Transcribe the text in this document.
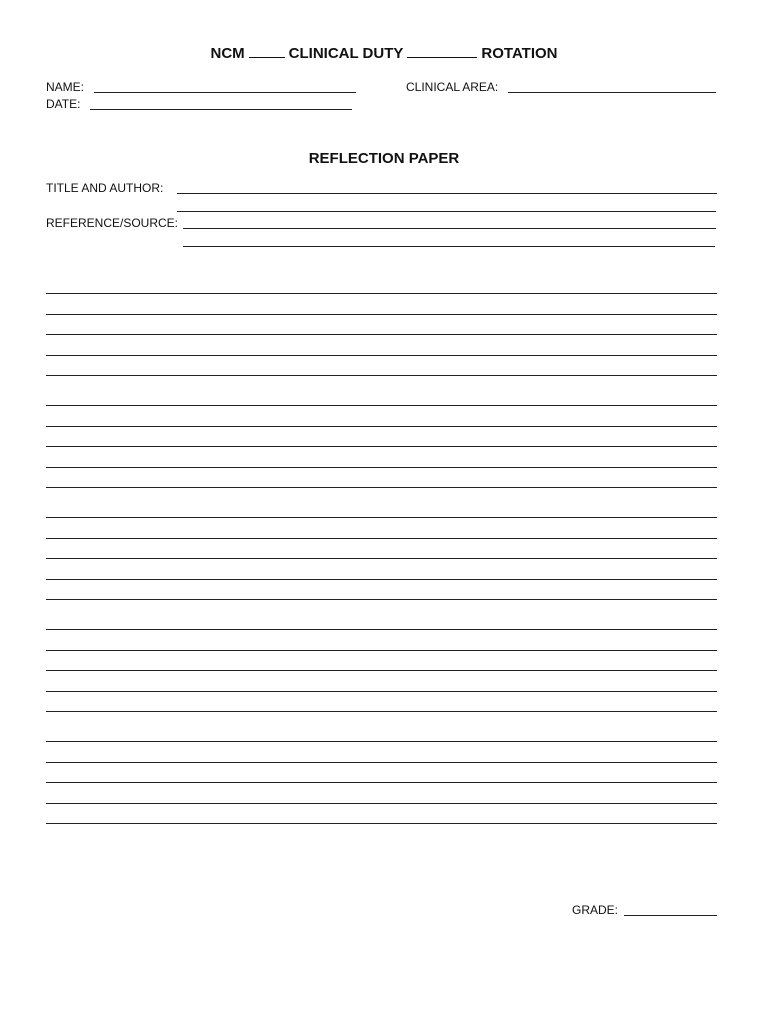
NCM	CLINICAL DUTY	ROTATION
NAME:	CLINICAL AREA:
DATE:
REFLECTION PAPER
TITLE AND AUTHOR:
REFERENCE/SOURCE:
GRADE:
